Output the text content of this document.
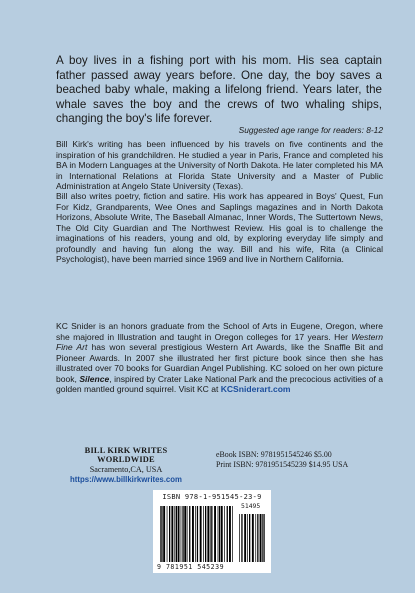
A boy lives in a fishing port with his mom. His sea captain father passed away years before. One day, the boy saves a beached baby whale, making a lifelong friend. Years later, the whale saves the boy and the crews of two whaling ships, changing the boy's life forever.

Suggested age range for readers: 8-12

Bill Kirk's writing has been influenced by his travels on five continents and the inspiration of his grandchildren. He studied a year in Paris, France and completed his BA in Modern Languages at the University of North Dakota. He later completed his MA in International Relations at Florida State University and a Master of Public Administration at Angelo State University (Texas).

Bill also writes poetry, fiction and satire. His work has appeared in Boys' Quest, Fun For Kidz, Grandparents, Wee Ones and Saplings magazines and in North Dakota Horizons, Absolute Write, The Baseball Almanac, Inner Words, The Suttertown News, The Old City Guardian and The Northwest Review. His goal is to challenge the imaginations of his readers, young and old, by exploring everyday life simply and profoundly and having fun along the way. Bill and his wife, Rita (a Clinical Psychologist), have been married since 1969 and live in Northern California.

KC Snider is an honors graduate from the School of Arts in Eugene, Oregon, where she majored in Illustration and taught in Oregon colleges for 17 years. Her Western Fine Art has won several prestigious Western Art Awards, like the Snaffle Bit and Pioneer Awards. In 2007 she illustrated her first picture book since then she has illustrated over 70 books for Guardian Angel Publishing. KC soloed on her own picture book, Silence, inspired by Crater Lake National Park and the precocious activities of a golden mantled ground squirrel. Visit KC at KCSniderart.com

BILL KIRK WRITES WORLDWIDE
Sacramento,CA, USA
https://www.billkirkwrites.com
eBook ISBN: 9781951545246 $5.00
Print ISBN: 9781951545239 $14.95 USA
ISBN 978-1-951545-23-9
51495
9 781951 545239
